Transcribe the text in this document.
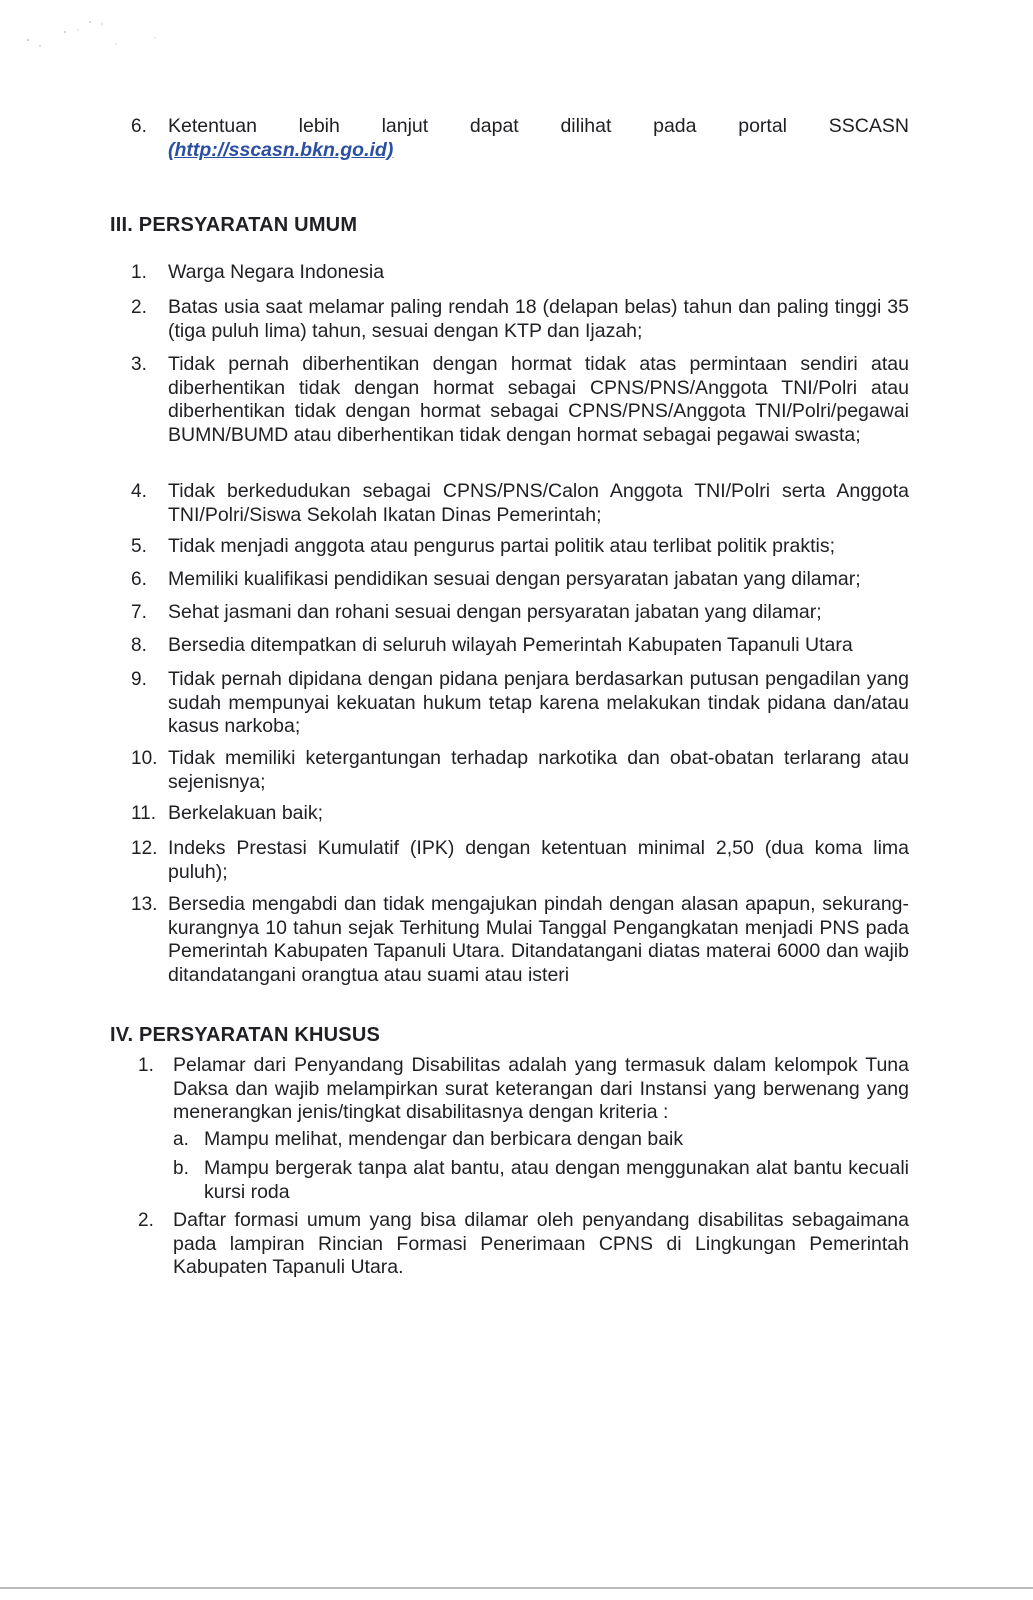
6. Ketentuan lebih lanjut dapat dilihat pada portal SSCASN
(http://sscasn.bkn.go.id)
III. PERSYARATAN UMUM
1. Warga Negara Indonesia
2. Batas usia saat melamar paling rendah 18 (delapan belas) tahun dan paling tinggi 35 (tiga puluh lima) tahun, sesuai dengan KTP dan Ijazah;
3. Tidak pernah diberhentikan dengan hormat tidak atas permintaan sendiri atau diberhentikan tidak dengan hormat sebagai CPNS/PNS/Anggota TNI/Polri atau diberhentikan tidak dengan hormat sebagai CPNS/PNS/Anggota TNI/Polri/pegawai BUMN/BUMD atau diberhentikan tidak dengan hormat sebagai pegawai swasta;
4. Tidak berkedudukan sebagai CPNS/PNS/Calon Anggota TNI/Polri serta Anggota TNI/Polri/Siswa Sekolah Ikatan Dinas Pemerintah;
5. Tidak menjadi anggota atau pengurus partai politik atau terlibat politik praktis;
6. Memiliki kualifikasi pendidikan sesuai dengan persyaratan jabatan yang dilamar;
7. Sehat jasmani dan rohani sesuai dengan persyaratan jabatan yang dilamar;
8. Bersedia ditempatkan di seluruh wilayah Pemerintah Kabupaten Tapanuli Utara
9. Tidak pernah dipidana dengan pidana penjara berdasarkan putusan pengadilan yang sudah mempunyai kekuatan hukum tetap karena melakukan tindak pidana dan/atau kasus narkoba;
10. Tidak memiliki ketergantungan terhadap narkotika dan obat-obatan terlarang atau sejenisnya;
11. Berkelakuan baik;
12. Indeks Prestasi Kumulatif (IPK) dengan ketentuan minimal 2,50 (dua koma lima puluh);
13. Bersedia mengabdi dan tidak mengajukan pindah dengan alasan apapun, sekurang-kurangnya 10 tahun sejak Terhitung Mulai Tanggal Pengangkatan menjadi PNS pada Pemerintah Kabupaten Tapanuli Utara. Ditandatangani diatas materai 6000 dan wajib ditandatangani orangtua atau suami atau isteri
IV. PERSYARATAN KHUSUS
1. Pelamar dari Penyandang Disabilitas adalah yang termasuk dalam kelompok Tuna Daksa dan wajib melampirkan surat keterangan dari Instansi yang berwenang yang menerangkan jenis/tingkat disabilitasnya dengan kriteria :
a. Mampu melihat, mendengar dan berbicara dengan baik
b. Mampu bergerak tanpa alat bantu, atau dengan menggunakan alat bantu kecuali kursi roda
2. Daftar formasi umum yang bisa dilamar oleh penyandang disabilitas sebagaimana pada lampiran Rincian Formasi Penerimaan CPNS di Lingkungan Pemerintah Kabupaten Tapanuli Utara.
